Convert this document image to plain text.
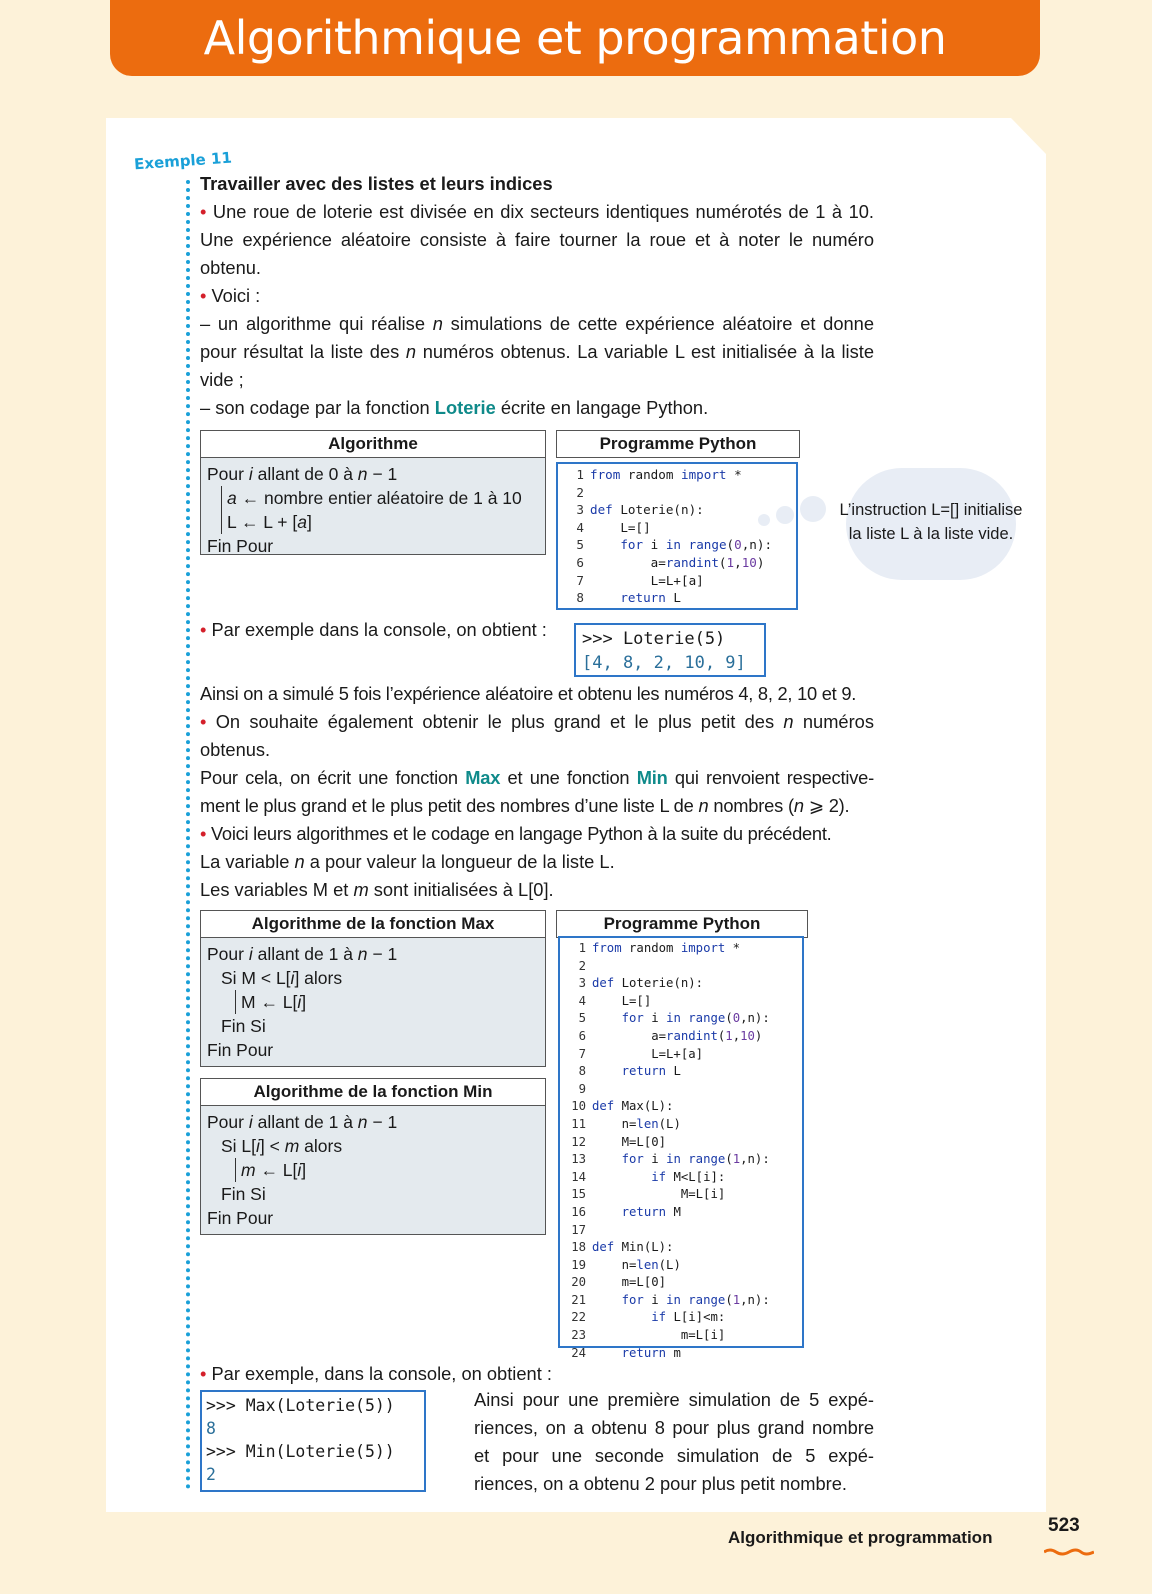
Algorithmique et programmation
Exemple 11
Travailler avec des listes et leurs indices
• Une roue de loterie est divisée en dix secteurs identiques numérotés de 1 à 10. Une expérience aléatoire consiste à faire tourner la roue et à noter le numéro obtenu.
• Voici :
– un algorithme qui réalise n simulations de cette expérience aléatoire et donne pour résultat la liste des n numéros obtenus. La variable L est initialisée à la liste vide ;
– son codage par la fonction Loterie écrite en langage Python.
Algorithme
Pour i allant de 0 à n − 1
a ← nombre entier aléatoire de 1 à 10
L ← L + [a]
Fin Pour
Programme Python
1 from random import *
2
3 def Loterie(n):
4    L=[]
5	for i in range(0,n):
6        a=randint(1,10)
7        L=L+[a]
8	return L
L’instruction L=[] initialise la liste L à la liste vide.
• Par exemple dans la console, on obtient :	>>> Loterie(5)
[4, 8, 2, 10, 9]
Ainsi on a simulé 5 fois l’expérience aléatoire et obtenu les numéros 4, 8, 2, 10 et 9.
• On souhaite également obtenir le plus grand et le plus petit des n numéros obtenus.
Pour cela, on écrit une fonction Max et une fonction Min qui renvoient respective-ment le plus grand et le plus petit des nombres d’une liste L de n nombres (n ⩾ 2).
• Voici leurs algorithmes et le codage en langage Python à la suite du précédent.
La variable n a pour valeur la longueur de la liste L.
Les variables M et m sont initialisées à L[0].
Algorithme de la fonction Max
Pour i allant de 1 à n − 1
Si M < L[i] alors
M ← L[i]
Fin Si
Fin Pour
Algorithme de la fonction Min
Pour i allant de 1 à n − 1
Si L[i] < m alors
m ← L[i]
Fin Si
Fin Pour
Programme Python
1 from random import *
2
3 def Loterie(n):
4    L=[]
5	for i in range(0,n):
6        a=randint(1,10)
7        L=L+[a]
8	return L
9
10 def Max(L):
11    n=len(L)
12    M=L[0]
13	for i in range(1,n):
14	if M<L[i]:
15            M=L[i]
16	return M
17
18 def Min(L):
19    n=len(L)
20    m=L[0]
21	for i in range(1,n):
22	if L[i]<m:
23            m=L[i]
24	return m
• Par exemple, dans la console, on obtient :
>>> Max(Loterie(5))
8
>>> Min(Loterie(5))
2
Ainsi pour une première simulation de 5 expé-riences, on a obtenu 8 pour plus grand nombre et pour une seconde simulation de 5 expé-riences, on a obtenu 2 pour plus petit nombre.
Algorithmique et programmation
523
